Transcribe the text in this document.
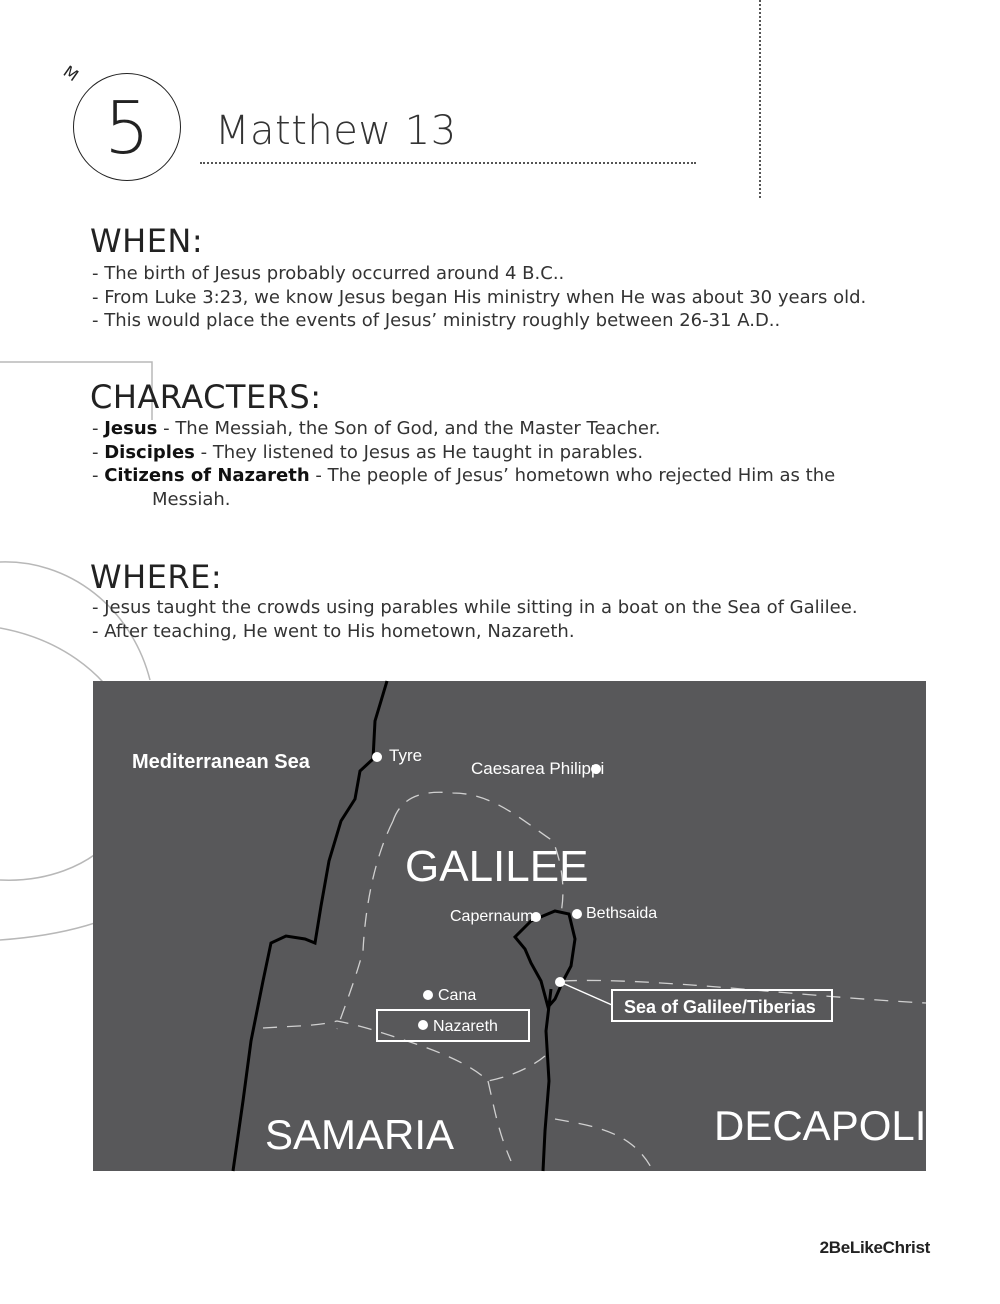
M
5	Matthew 13
WHEN:
- The birth of Jesus probably occurred around 4 B.C..
- From Luke 3:23, we know Jesus began His ministry when He was about 30 years old.
- This would place the events of Jesus’ ministry roughly between 26-31 A.D..
CHARACTERS:
- Jesus - The Messiah, the Son of God, and the Master Teacher.
- Disciples - They listened to Jesus as He taught in parables.
- Citizens of Nazareth - The people of Jesus’ hometown who rejected Him as the
Messiah.
WHERE:
- Jesus taught the crowds using parables while sitting in a boat on the Sea of Galilee.
- After teaching, He went to His hometown, Nazareth.
Mediterranean Sea	Tyre
Caesarea Philippi
GALILEE
Capernaum	Bethsaida
Cana
Nazareth
Sea of Galilee/Tiberias
SAMARIA	DECAPOLIS
2BeLikeChrist
